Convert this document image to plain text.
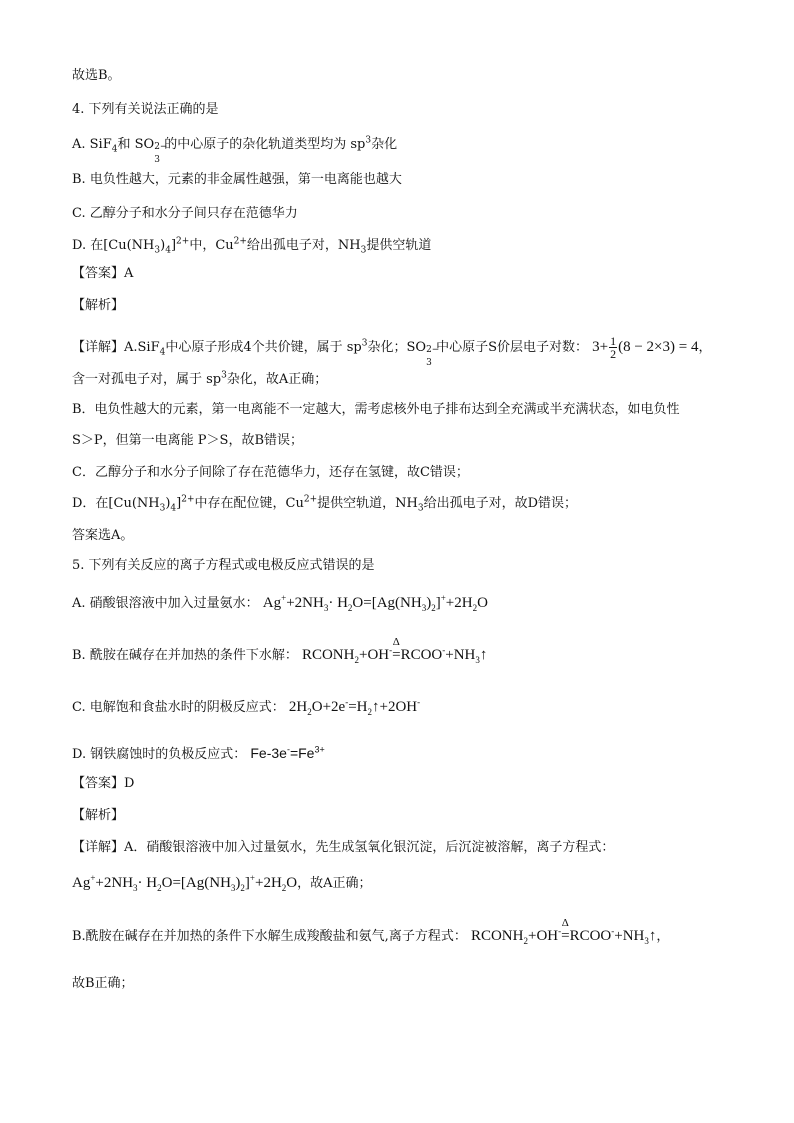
故选B。
4. 下列有关说法正确的是
A. SiF$_4$和 SO 2−
3
的中心原子的杂化轨道类型均为 $sp^3$杂化
B. 电负性越大，元素的非金属性越强，第一电离能也越大
C. 乙醇分子和水分子间只存在范德华力
D. 在$[Cu(NH_3)_4]^{2+}$中，$Cu^{2+}$给出孤电子对，$NH_3$提供空轨道
【答案】A
【解析】
【详解】A.SiF$_4$中心原子形成4个共价键，属于 $sp^3$杂化；SO 2−
3
中心原子S价层电子对数： $3+ \frac{1}{2} (8 - 2\times 3) = 4$，
含一对孤电子对，属于 $sp^3$杂化，故A正确；
B．电负性越大的元素，第一电离能不一定越大，需考虑核外电子排布达到全充满或半充满状态，如电负性
S＞P，但第一电离能 P＞S，故B错误；
C．乙醇分子和水分子间除了存在范德华力，还存在氢键，故C错误；
D．在$[Cu(NH_3)_4]^{2+}$中存在配位键，$Cu^{2+}$提供空轨道，$NH_3$给出孤电子对，故D错误；
答案选A。
5. 下列有关反应的离子方程式或电极反应式错误的是
A. 硝酸银溶液中加入过量氨水： $Ag^++2NH_3\cdot H_2O=[Ag(NH_3)_2]^++2H_2O$
B. 酰胺在碱存在并加热的条件下水解： $RCONH_2+OH^-$
Δ
$=RCOO^-+NH_3↑$
C. 电解饱和食盐水时的阴极反应式： $2H_2O+2e^-=H_2↑+2OH^-$
D. 钢铁腐蚀时的负极反应式： $Fe-3e^-=Fe^{3+}$
【答案】D
【解析】
【详解】A．硝酸银溶液中加入过量氨水，先生成氢氧化银沉淀，后沉淀被溶解，离子方程式：
$Ag^++2NH_3\cdot H_2O=[Ag(NH_3)_2]^++2H_2O$，故A正确；
B.酰胺在碱存在并加热的条件下水解生成羧酸盐和氨气,离子方程式： $RCONH_2+OH^-$
Δ
$=RCOO^-+NH_3↑$，
故B正确；
